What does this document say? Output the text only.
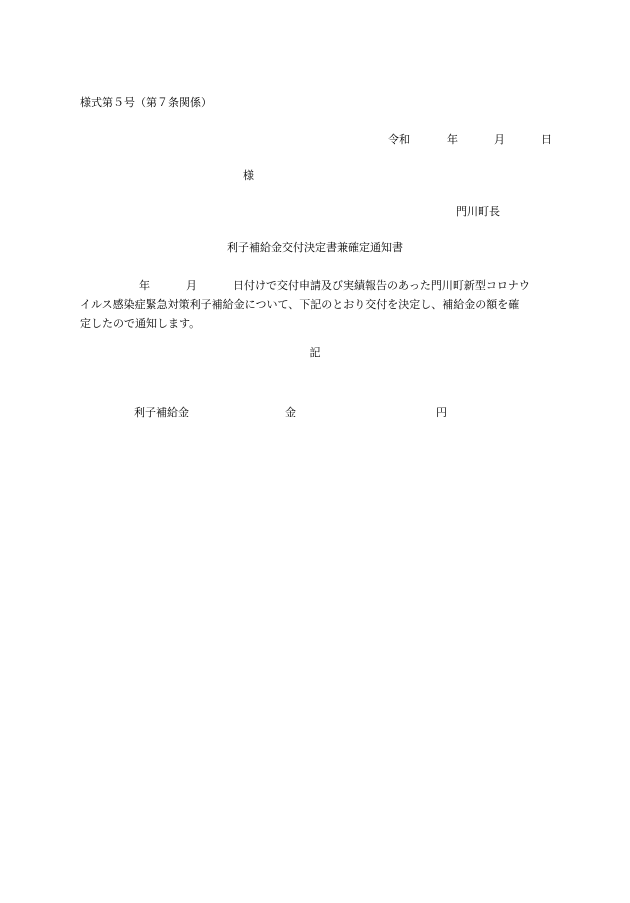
様式第５号（第７条関係）
令和	年	月	日
様
門川町長
利子補給金交付決定書兼確定通知書
年	月	日付けで交付申請及び実績報告のあった門川町新型コロナウ
イルス感染症緊急対策利子補給金について、下記のとおり交付を決定し、補給金の額を確
定したので通知します。
記
利子補給金	金	円
